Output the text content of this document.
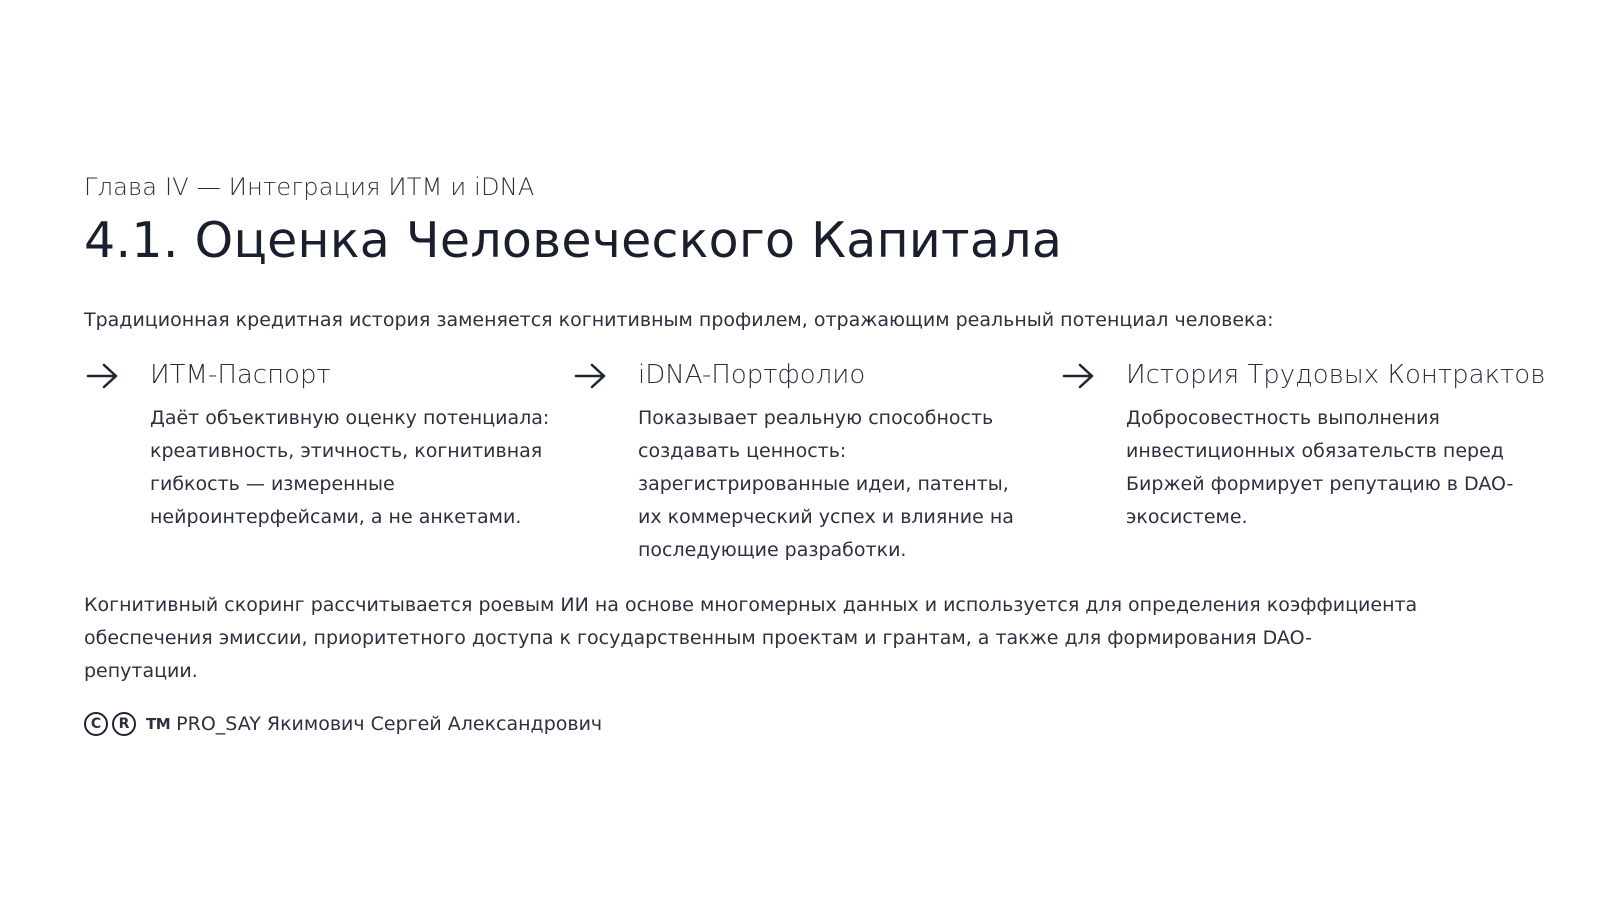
Глава IV — Интеграция ИТМ и iDNA
4.1. Оценка Человеческого Капитала
Традиционная кредитная история заменяется когнитивным профилем, отражающим реальный потенциал человека:
ИТМ-Паспорт
Даёт объективную оценку потенциала: креативность, этичность, когнитивная гибкость — измеренные нейроинтерфейсами, а не анкетами.
iDNA-Портфолио
Показывает реальную способность создавать ценность: зарегистрированные идеи, патенты, их коммерческий успех и влияние на последующие разработки.
История Трудовых Контрактов
Добросовестность выполнения инвестиционных обязательств перед Биржей формирует репутацию в DAO-экосистеме.
Когнитивный скоринг рассчитывается роевым ИИ на основе многомерных данных и используется для определения коэффициента обеспечения эмиссии, приоритетного доступа к государственным проектам и грантам, а также для формирования DAO-репутации.
C	R	TM PRO_SAY Якимович Сергей Александрович
